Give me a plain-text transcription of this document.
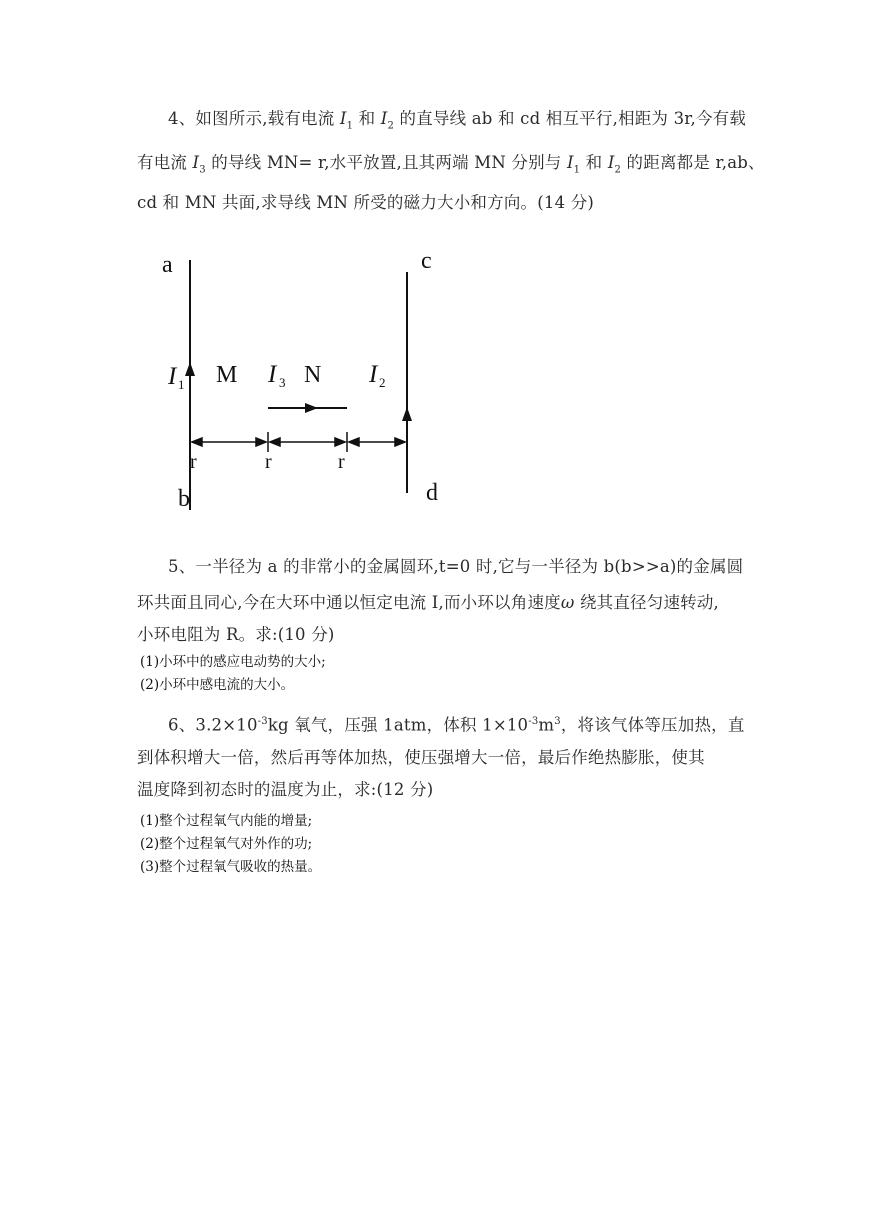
4、如图所示,载有电流 $I_1$ 和 $I_2$ 的直导线 ab 和 cd 相互平行,相距为 3r,今有载
有电流 $I_3$ 的导线 MN= r,水平放置,且其两端 MN 分别与 $I_1$ 和 $I_2$ 的距离都是 r,ab、
cd 和 MN 共面,求导线 MN 所受的磁力大小和方向。(14 分)
a
b
c
d
I 1 M I 3 N I 2
r	r	r
5、一半径为 a 的非常小的金属圆环,t=0 时,它与一半径为 b(b>>a)的金属圆
环共面且同心,今在大环中通以恒定电流 I,而小环以角速度ω 绕其直径匀速转动,
小环电阻为 R。求:(10 分)
(1)小环中的感应电动势的大小;
(2)小环中感电流的大小。
6、$3.2\times 10^{-3}kg$ 氧气，压强 1atm，体积 $1\times 10^{-3}m^3$，将该气体等压加热，直
到体积增大一倍，然后再等体加热，使压强增大一倍，最后作绝热膨胀，使其
温度降到初态时的温度为止，求:(12 分)
(1)整个过程氧气内能的增量;
(2)整个过程氧气对外作的功;
(3)整个过程氧气吸收的热量。
